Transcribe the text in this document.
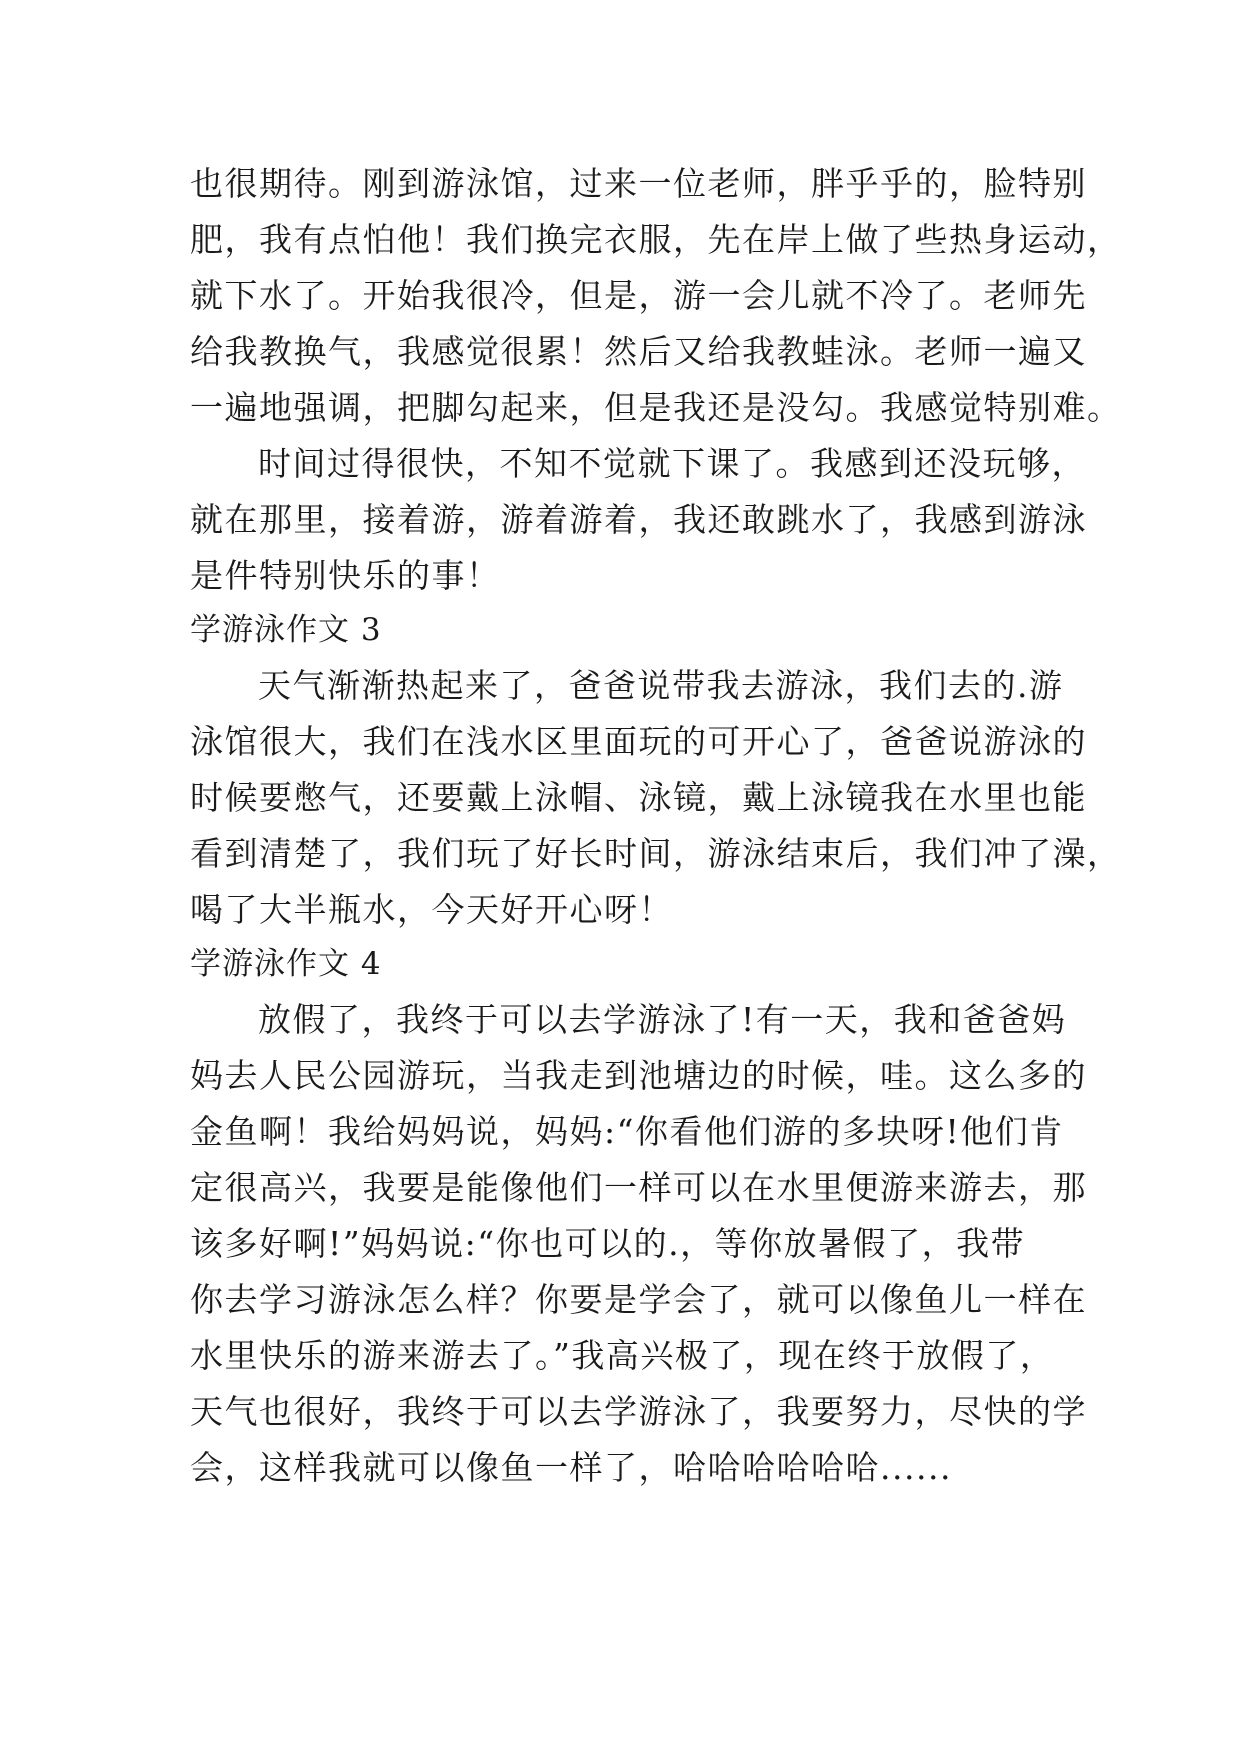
也很期待。刚到游泳馆，过来一位老师，胖乎乎的，脸特别
肥，我有点怕他！我们换完衣服，先在岸上做了些热身运动，
就下水了。开始我很冷，但是，游一会儿就不冷了。老师先
给我教换气，我感觉很累！然后又给我教蛙泳。老师一遍又
一遍地强调，把脚勾起来，但是我还是没勾。我感觉特别难。
时间过得很快，不知不觉就下课了。我感到还没玩够，
就在那里，接着游，游着游着，我还敢跳水了，我感到游泳
是件特别快乐的事！
学游泳作文 3
天气渐渐热起来了，爸爸说带我去游泳，我们去的.游
泳馆很大，我们在浅水区里面玩的可开心了，爸爸说游泳的
时候要憋气，还要戴上泳帽、泳镜，戴上泳镜我在水里也能
看到清楚了，我们玩了好长时间，游泳结束后，我们冲了澡，
喝了大半瓶水，今天好开心呀！
学游泳作文 4
放假了，我终于可以去学游泳了!有一天，我和爸爸妈
妈去人民公园游玩，当我走到池塘边的时候，哇。这么多的
金鱼啊！我给妈妈说，妈妈:“你看他们游的多块呀!他们肯
定很高兴，我要是能像他们一样可以在水里便游来游去，那
该多好啊!”妈妈说:“你也可以的.，等你放暑假了，我带
你去学习游泳怎么样？你要是学会了，就可以像鱼儿一样在
水里快乐的游来游去了。”我高兴极了，现在终于放假了，
天气也很好，我终于可以去学游泳了，我要努力，尽快的学
会，这样我就可以像鱼一样了，哈哈哈哈哈哈......
